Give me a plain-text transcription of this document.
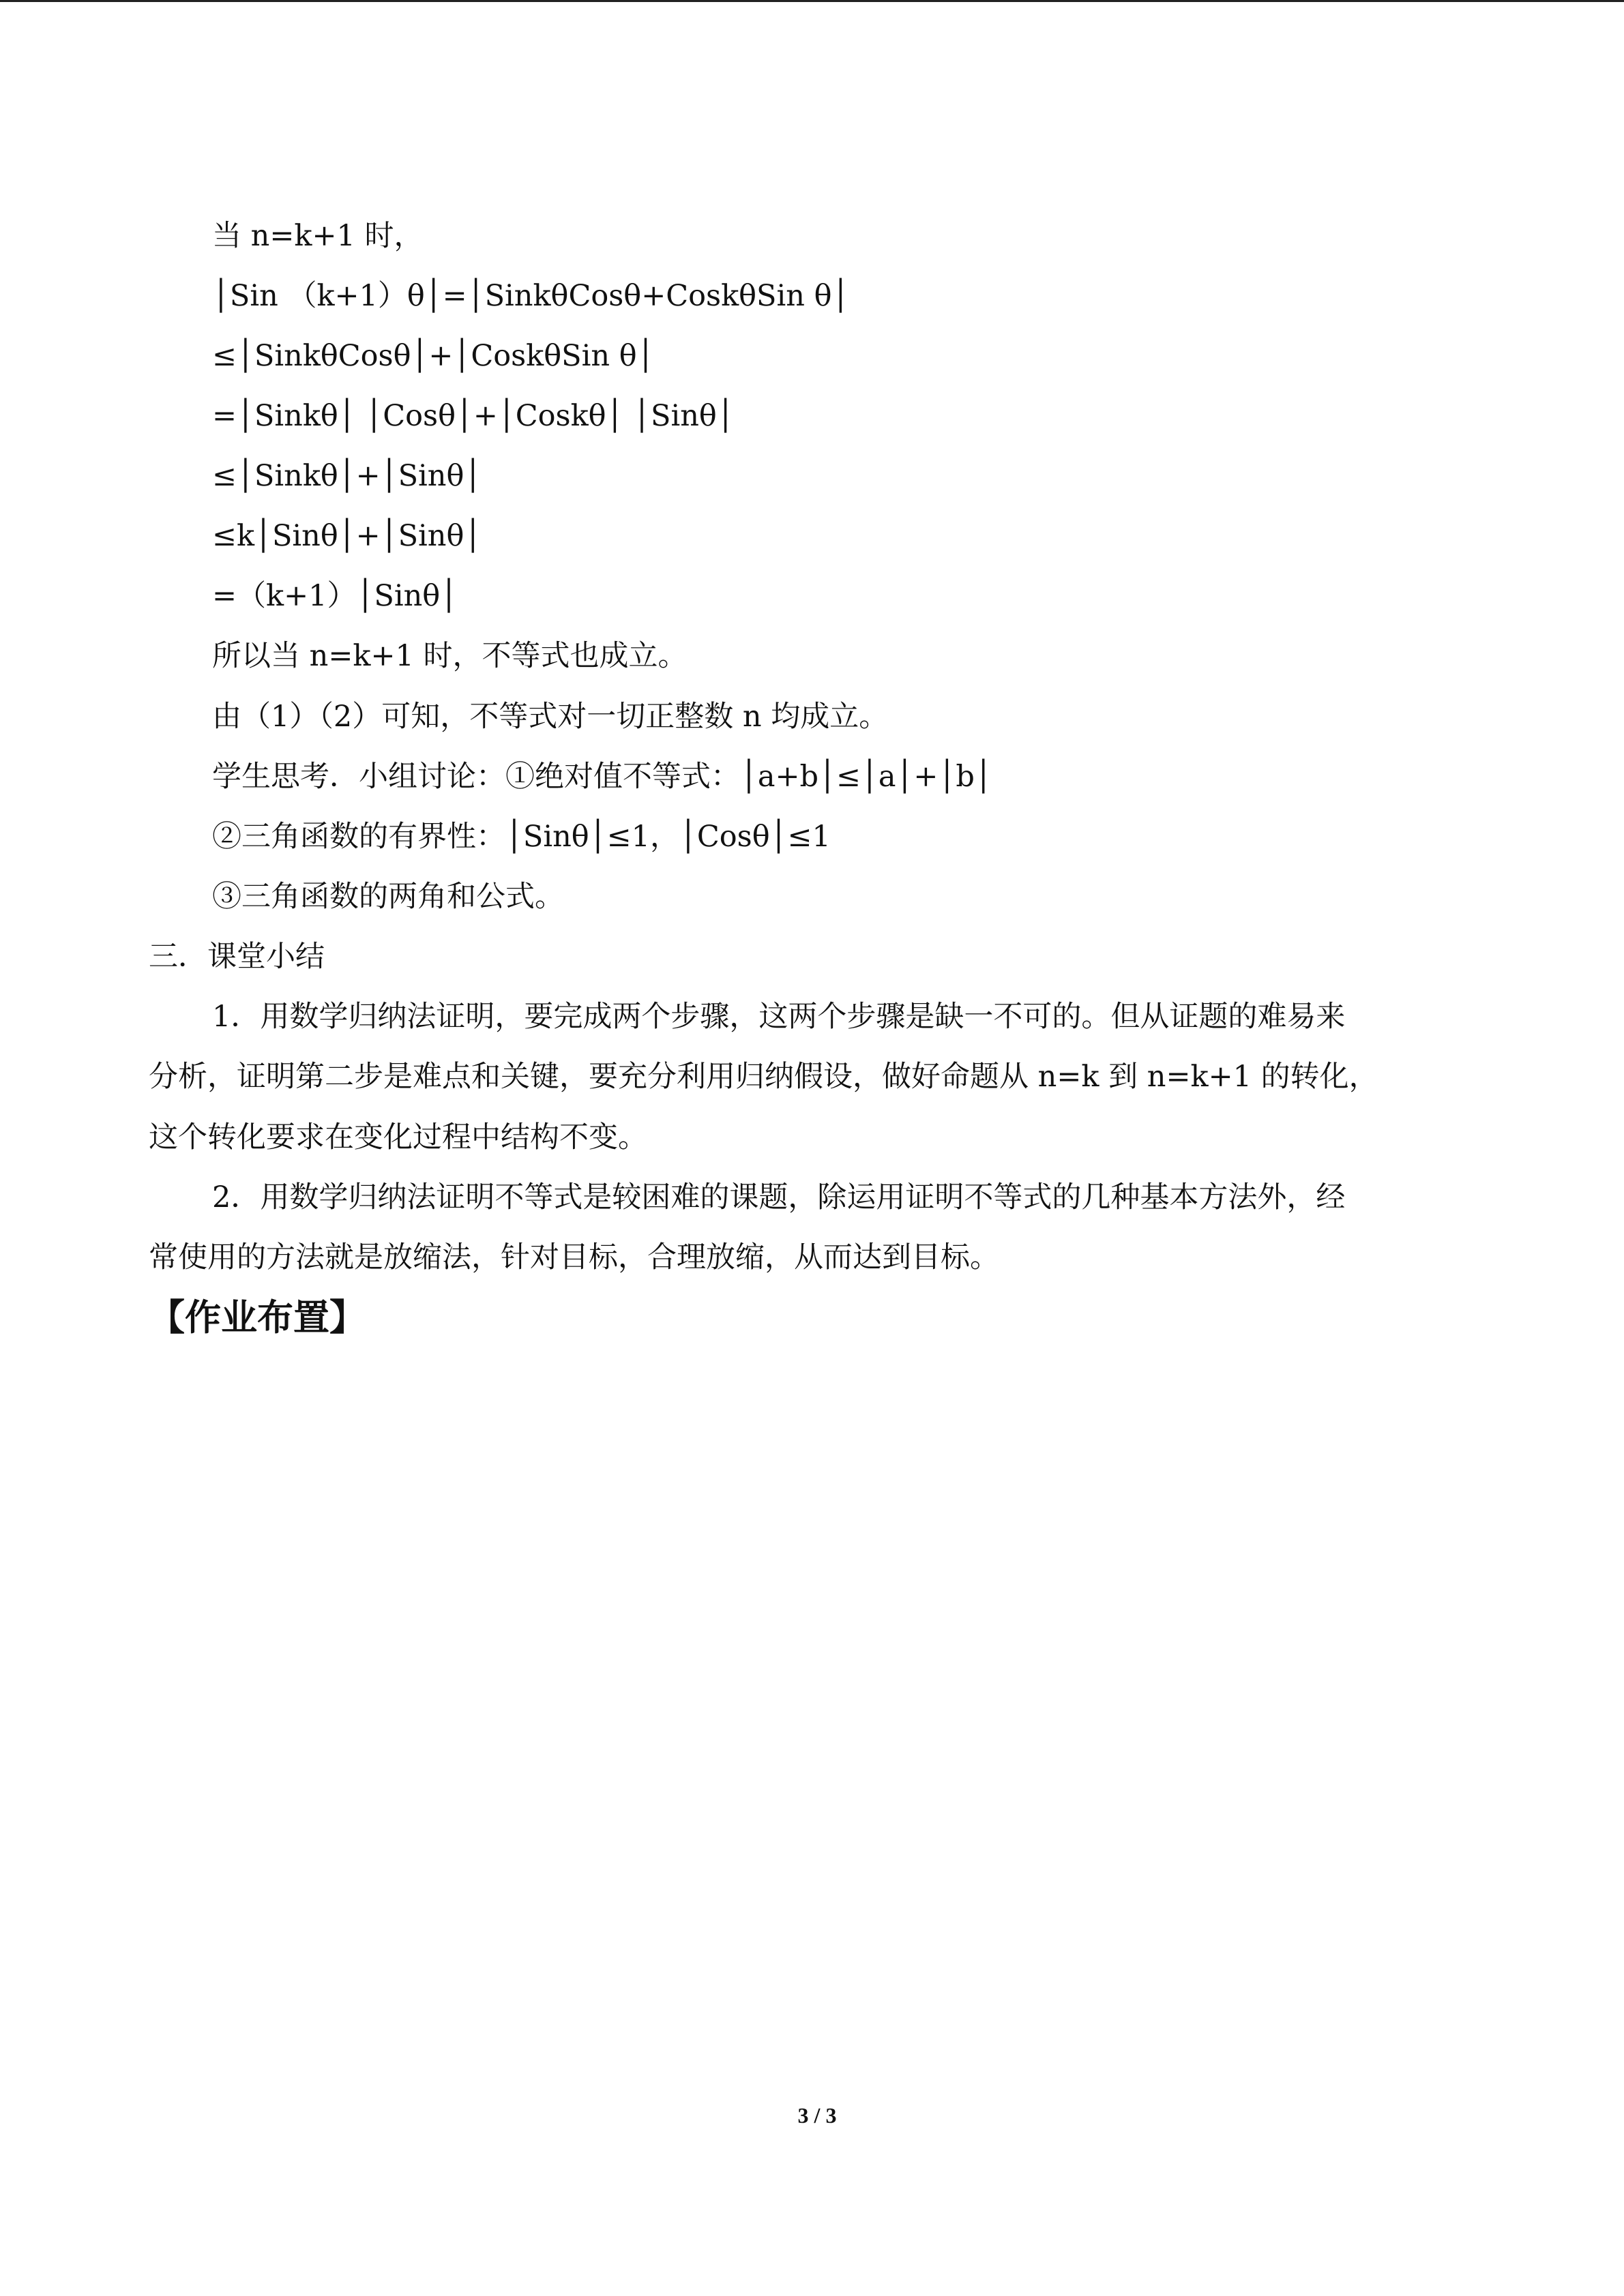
当 n=k+1 时，
│Sin （k+1）θ│=│SinkθCosθ+CoskθSin θ│
≤│SinkθCosθ│+│CoskθSin θ│
=│Sinkθ│ │Cosθ│+│Coskθ│ │Sinθ│
≤│Sinkθ│+│Sinθ│
≤k│Sinθ│+│Sinθ│
=（k+1）│Sinθ│
所以当 n=k+1 时，不等式也成立。
由（1）（2）可知，不等式对一切正整数 n 均成立。
学生思考．小组讨论：①绝对值不等式：│a+b│≤│a│+│b│
②三角函数的有界性：│Sinθ│≤1，│Cosθ│≤1
③三角函数的两角和公式。
三．课堂小结
1．用数学归纳法证明，要完成两个步骤，这两个步骤是缺一不可的。但从证题的难易来
分析，证明第二步是难点和关键，要充分利用归纳假设，做好命题从 n=k 到 n=k+1 的转化，
这个转化要求在变化过程中结构不变。
2．用数学归纳法证明不等式是较困难的课题，除运用证明不等式的几种基本方法外，经
常使用的方法就是放缩法，针对目标，合理放缩，从而达到目标。
【作业布置】
3 / 3
